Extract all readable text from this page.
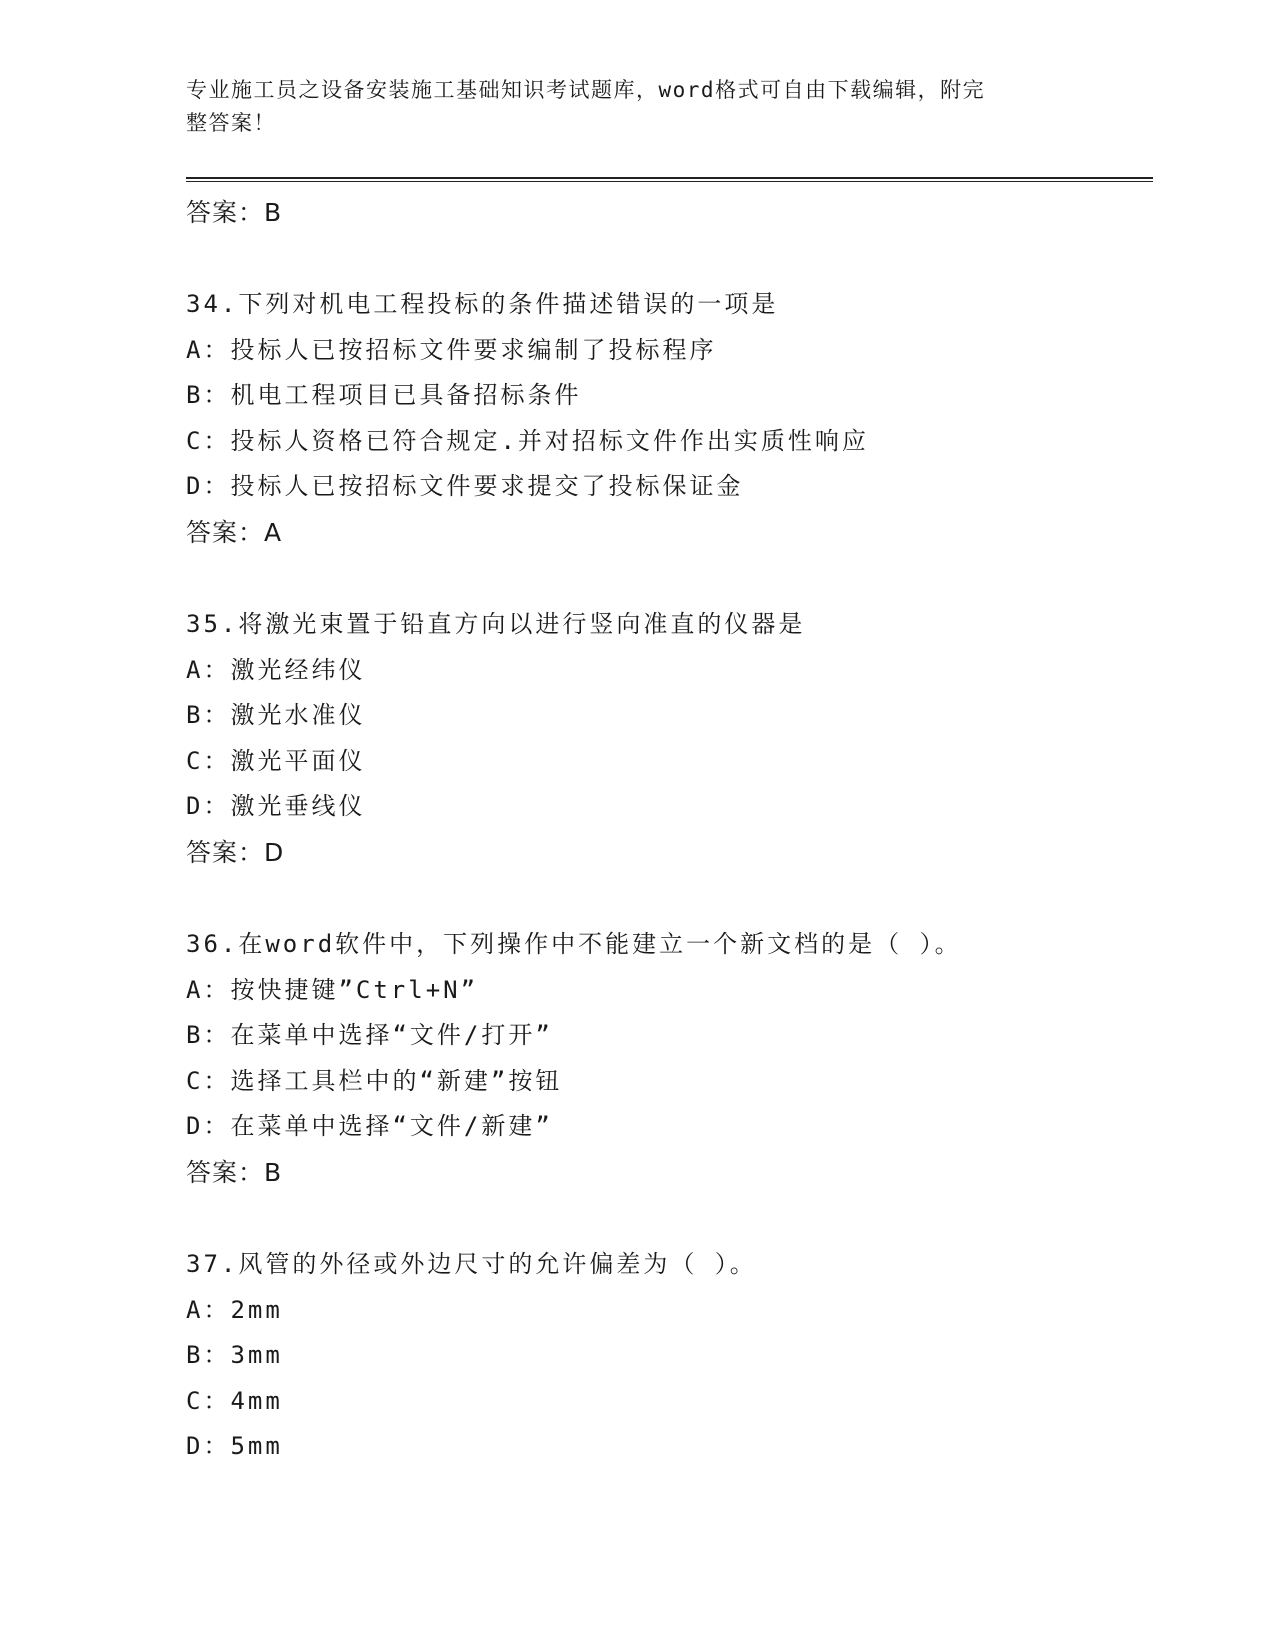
专业施工员之设备安装施工基础知识考试题库，word格式可自由下载编辑，附完
整答案！
答案：B
34.下列对机电工程投标的条件描述错误的一项是
A：投标人已按招标文件要求编制了投标程序
B：机电工程项目已具备招标条件
C：投标人资格已符合规定.并对招标文件作出实质性响应
D：投标人已按招标文件要求提交了投标保证金
答案：A
35.将激光束置于铅直方向以进行竖向准直的仪器是
A：激光经纬仪
B：激光水准仪
C：激光平面仪
D：激光垂线仪
答案：D
36.在word软件中，下列操作中不能建立一个新文档的是（ ）。
A：按快捷键”Ctrl+N”
B：在菜单中选择“文件/打开”
C：选择工具栏中的“新建”按钮
D：在菜单中选择“文件/新建”
答案：B
37.风管的外径或外边尺寸的允许偏差为（ ）。
A：2mm
B：3mm
C：4mm
D：5mm
